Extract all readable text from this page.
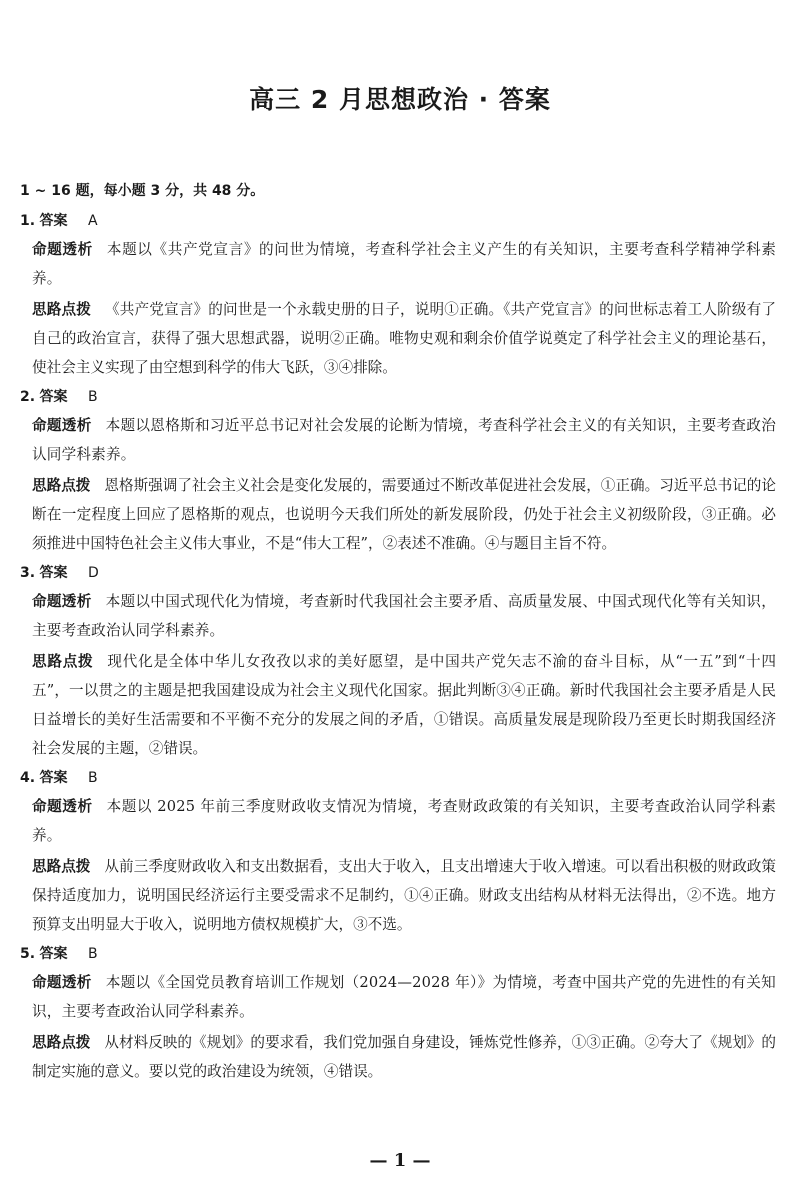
高三 2 月思想政治 · 答案
1 ~ 16 题，每小题 3 分，共 48 分。
1. 答案 A

命题透析 本题以《共产党宣言》的问世为情境，考查科学社会主义产生的有关知识，主要考查科学精神学科素养。

思路点拨 《共产党宣言》的问世是一个永载史册的日子，说明①正确。《共产党宣言》的问世标志着工人阶级有了自己的政治宣言，获得了强大思想武器，说明②正确。唯物史观和剩余价值学说奠定了科学社会主义的理论基石，使社会主义实现了由空想到科学的伟大飞跃，③④排除。

2. 答案 B

命题透析 本题以恩格斯和习近平总书记对社会发展的论断为情境，考查科学社会主义的有关知识，主要考查政治认同学科素养。

思路点拨 恩格斯强调了社会主义社会是变化发展的，需要通过不断改革促进社会发展，①正确。习近平总书记的论断在一定程度上回应了恩格斯的观点，也说明今天我们所处的新发展阶段，仍处于社会主义初级阶段，③正确。必须推进中国特色社会主义伟大事业，不是“伟大工程”，②表述不准确。④与题目主旨不符。

3. 答案 D

命题透析 本题以中国式现代化为情境，考查新时代我国社会主要矛盾、高质量发展、中国式现代化等有关知识，主要考查政治认同学科素养。

思路点拨 现代化是全体中华儿女孜孜以求的美好愿望，是中国共产党矢志不渝的奋斗目标，从“一五”到“十四五”，一以贯之的主题是把我国建设成为社会主义现代化国家。据此判断③④正确。新时代我国社会主要矛盾是人民日益增长的美好生活需要和不平衡不充分的发展之间的矛盾，①错误。高质量发展是现阶段乃至更长时期我国经济社会发展的主题，②错误。

4. 答案 B

命题透析 本题以 2025 年前三季度财政收支情况为情境，考查财政政策的有关知识，主要考查政治认同学科素养。

思路点拨 从前三季度财政收入和支出数据看，支出大于收入，且支出增速大于收入增速。可以看出积极的财政政策保持适度加力，说明国民经济运行主要受需求不足制约，①④正确。财政支出结构从材料无法得出，②不选。地方预算支出明显大于收入，说明地方债权规模扩大，③不选。

5. 答案 B

命题透析 本题以《全国党员教育培训工作规划（2024—2028 年）》为情境，考查中国共产党的先进性的有关知识，主要考查政治认同学科素养。

思路点拨 从材料反映的《规划》的要求看，我们党加强自身建设，锤炼党性修养，①③正确。②夸大了《规划》的制定实施的意义。要以党的政治建设为统领，④错误。

— 1 —
